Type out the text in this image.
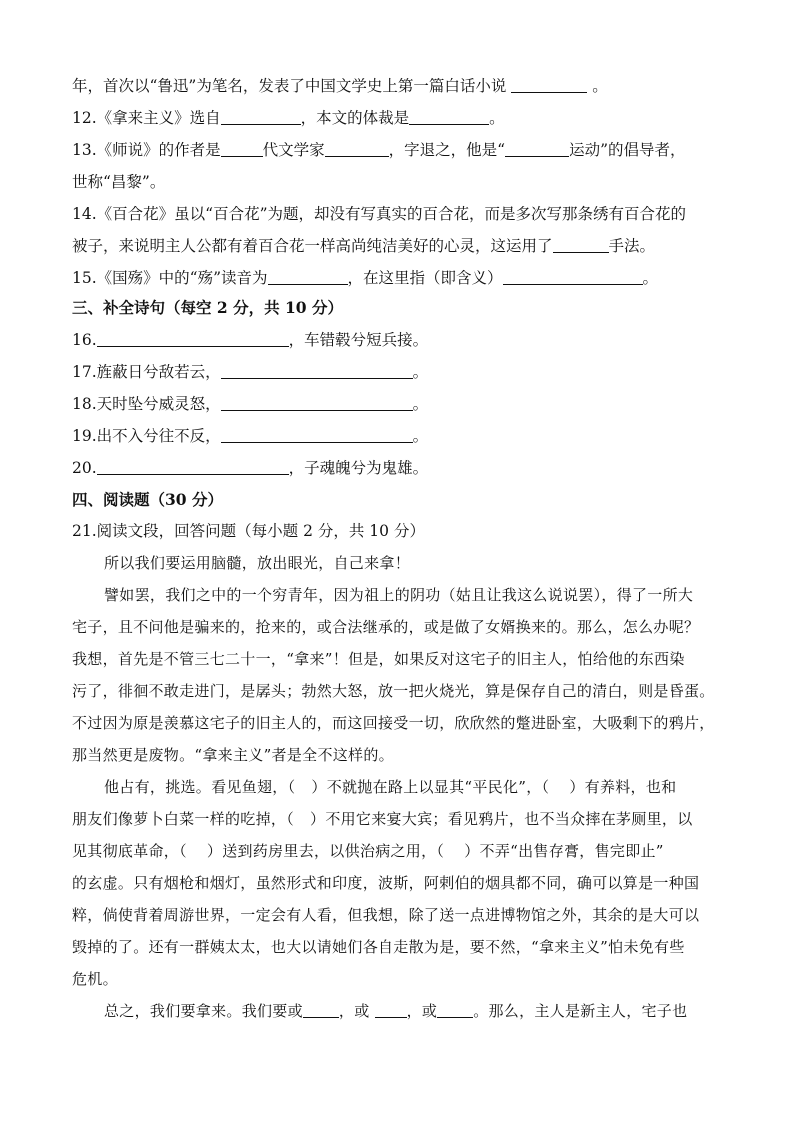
年，首次以“鲁迅”为笔名，发表了中国文学史上第一篇白话小说	。
12.《拿来主义》选自	，本文的体裁是	。
13.《师说》的作者是	代文学家	，字退之，他是“	运动”的倡导者，
世称“昌黎”。
14.《百合花》虽以“百合花”为题，却没有写真实的百合花，而是多次写那条绣有百合花的
被子，来说明主人公都有着百合花一样高尚纯洁美好的心灵，这运用了	手法。
15.《国殇》中的“殇”读音为	，在这里指（即含义）	。
三、补全诗句（每空 2 分，共 10 分）
16.	，车错毂兮短兵接。
17.旌蔽日兮敌若云，	。
18.天时坠兮威灵怒，	。
19.出不入兮往不反，	。
20.	，子魂魄兮为鬼雄。
四、阅读题（30 分）
21.阅读文段，回答问题（每小题 2 分，共 10 分）
所以我们要运用脑髓，放出眼光，自己来拿！
譬如罢，我们之中的一个穷青年，因为祖上的阴功（姑且让我这么说说罢），得了一所大
宅子，且不问他是骗来的，抢来的，或合法继承的，或是做了女婿换来的。那么，怎么办呢？
我想，首先是不管三七二十一，“拿来”！但是，如果反对这宅子的旧主人，怕给他的东西染
污了，徘徊不敢走进门，是孱头；勃然大怒，放一把火烧光，算是保存自己的清白，则是昏蛋。
不过因为原是羡慕这宅子的旧主人的，而这回接受一切，欣欣然的蹩进卧室，大吸剩下的鸦片，
那当然更是废物。“拿来主义”者是全不这样的。
他占有，挑选。看见鱼翅，（ ）不就抛在路上以显其“平民化”，（ ）有养料，也和
朋友们像萝卜白菜一样的吃掉，（ ）不用它来宴大宾；看见鸦片，也不当众摔在茅厕里，以
见其彻底革命，（ ）送到药房里去，以供治病之用，（ ）不弄“出售存膏，售完即止”
的玄虚。只有烟枪和烟灯，虽然形式和印度，波斯，阿剌伯的烟具都不同，确可以算是一种国
粹，倘使背着周游世界，一定会有人看，但我想，除了送一点进博物馆之外，其余的是大可以
毁掉的了。还有一群姨太太，也大以请她们各自走散为是，要不然，“拿来主义”怕未免有些
危机。
总之，我们要拿来。我们要或 ，或 ，或 。那么，主人是新主人，宅子也
